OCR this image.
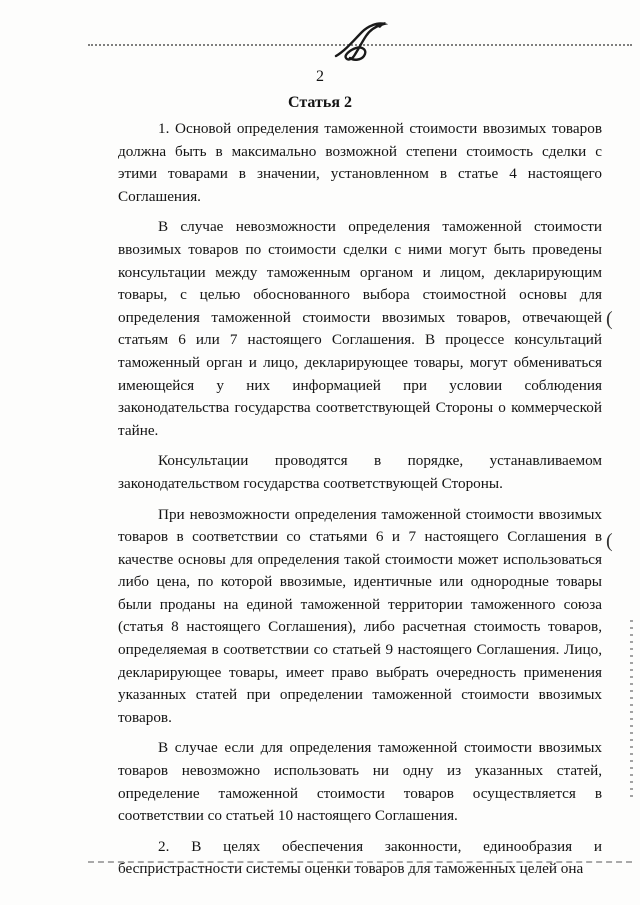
2
Статья 2

1. Основой определения таможенной стоимости ввозимых товаров должна быть в максимально возможной степени стоимость сделки с этими товарами в значении, установленном в статье 4 настоящего Соглашения.

В случае невозможности определения таможенной стоимости ввозимых товаров по стоимости сделки с ними могут быть проведены консультации между таможенным органом и лицом, декларирующим товары, с целью обоснованного выбора стоимостной основы для определения таможенной стоимости ввозимых товаров, отвечающей статьям 6 или 7 настоящего Соглашения. В процессе консультаций таможенный орган и лицо, декларирующее товары, могут обмениваться имеющейся у них информацией при условии соблюдения законодательства государства соответствующей Стороны о коммерческой тайне.

Консультации проводятся в порядке, устанавливаемом законодательством государства соответствующей Стороны.

При невозможности определения таможенной стоимости ввозимых товаров в соответствии со статьями 6 и 7 настоящего Соглашения в качестве основы для определения такой стоимости может использоваться либо цена, по которой ввозимые, идентичные или однородные товары были проданы на единой таможенной территории таможенного союза (статья 8 настоящего Соглашения), либо расчетная стоимость товаров, определяемая в соответствии со статьей 9 настоящего Соглашения. Лицо, декларирующее товары, имеет право выбрать очередность применения указанных статей при определении таможенной стоимости ввозимых товаров.

В случае если для определения таможенной стоимости ввозимых товаров невозможно использовать ни одну из указанных статей, определение таможенной стоимости товаров осуществляется в соответствии со статьей 10 настоящего Соглашения.

2. В целях обеспечения законности, единообразия и беспристрастности системы оценки товаров для таможенных целей она

(
(
